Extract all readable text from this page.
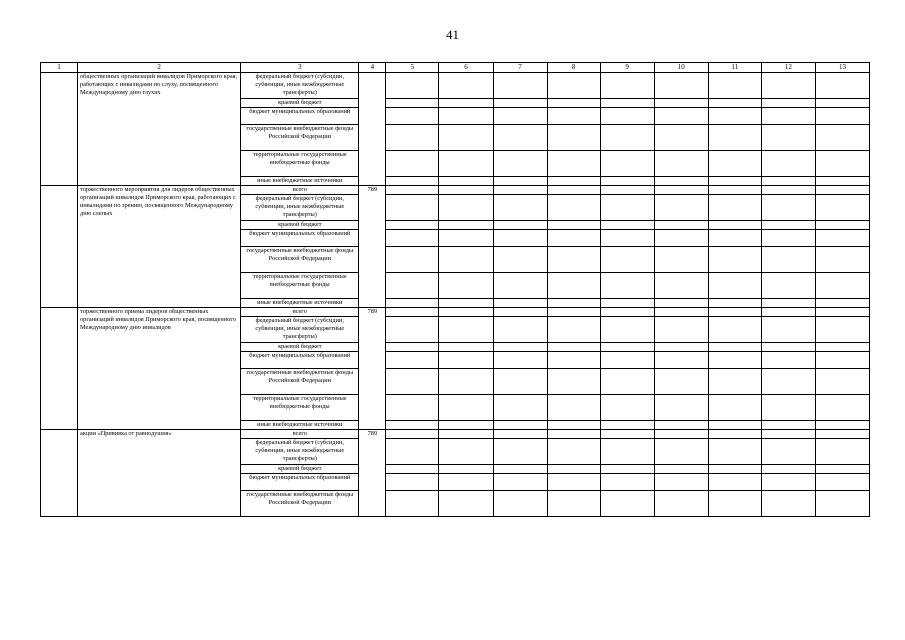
41
1	2	3	4	5	6	7	8	9	10	11	12	13
	общественных организаций инвалидов Приморского края, работающих с инвалидами по слуху, посвященного Международному дню глухих	федеральный бюджет (субсидии, субвенции, иные межбюджетные трансферты)										
		краевой бюджет										
		бюджет муниципальных образований										
		государственные внебюджетные фонды Российской Федерации										
		территориальные государственные внебюджетные фонды										
		иные внебюджетные источники										
	торжественного мероприятия для лидеров общественных организаций инвалидов Приморского края, работающих с инвалидами по зрению, посвященного Международному дню слепых	всего	789									
		федеральный бюджет (субсидии, субвенции, иные межбюджетные трансферты)										
		краевой бюджет										
		бюджет муниципальных образований										
		государственные внебюджетные фонды Российской Федерации										
		территориальные государственные внебюджетные фонды										
		иные внебюджетные источники										
	торжественного приема лидеров общественных организаций инвалидов Приморского края, посвященного Международному дню инвалидов	всего	789									
		федеральный бюджет (субсидии, субвенции, иные межбюджетные трансферты)										
		краевой бюджет										
		бюджет муниципальных образований										
		государственные внебюджетные фонды Российской Федерации										
		территориальные государственные внебюджетные фонды										
		иные внебюджетные источники										
	акции «Прививка от равнодушия»	всего	789									
		федеральный бюджет (субсидии, субвенции, иные межбюджетные трансферты)										
		краевой бюджет										
		бюджет муниципальных образований										
		государственные внебюджетные фонды Российской Федерации										
